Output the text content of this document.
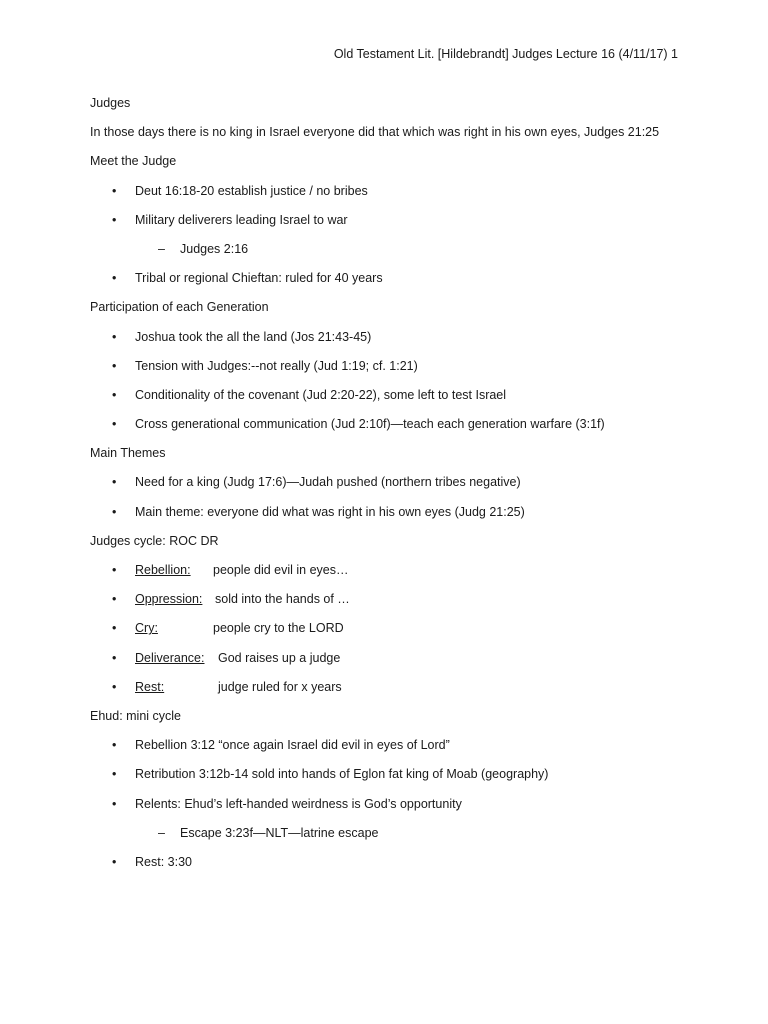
Old Testament Lit. [Hildebrandt] Judges Lecture 16 (4/11/17) 1
Judges
In those days there is no king in Israel everyone did that which was right in his own eyes, Judges 21:25
Meet the Judge
• Deut 16:18-20 establish justice / no bribes
• Military deliverers leading Israel to war
– Judges 2:16
• Tribal or regional Chieftan: ruled for 40 years
Participation of each Generation
• Joshua took the all the land (Jos 21:43-45)
• Tension with Judges:--not really (Jud 1:19; cf. 1:21)
• Conditionality of the covenant (Jud 2:20-22), some left to test Israel
• Cross generational communication (Jud 2:10f)—teach each generation warfare (3:1f)
Main Themes
• Need for a king (Judg 17:6)—Judah pushed (northern tribes negative)
• Main theme: everyone did what was right in his own eyes (Judg 21:25)
Judges cycle: ROC DR
• Rebellion: people did evil in eyes…
• Oppression: sold into the hands of …
• Cry:	people cry to the LORD
• Deliverance: God raises up a judge
• Rest:	judge ruled for x years
Ehud: mini cycle
• Rebellion 3:12 “once again Israel did evil in eyes of Lord”
• Retribution 3:12b-14 sold into hands of Eglon fat king of Moab (geography)
• Relents: Ehud’s left-handed weirdness is God’s opportunity
– Escape 3:23f—NLT—latrine escape
• Rest: 3:30
